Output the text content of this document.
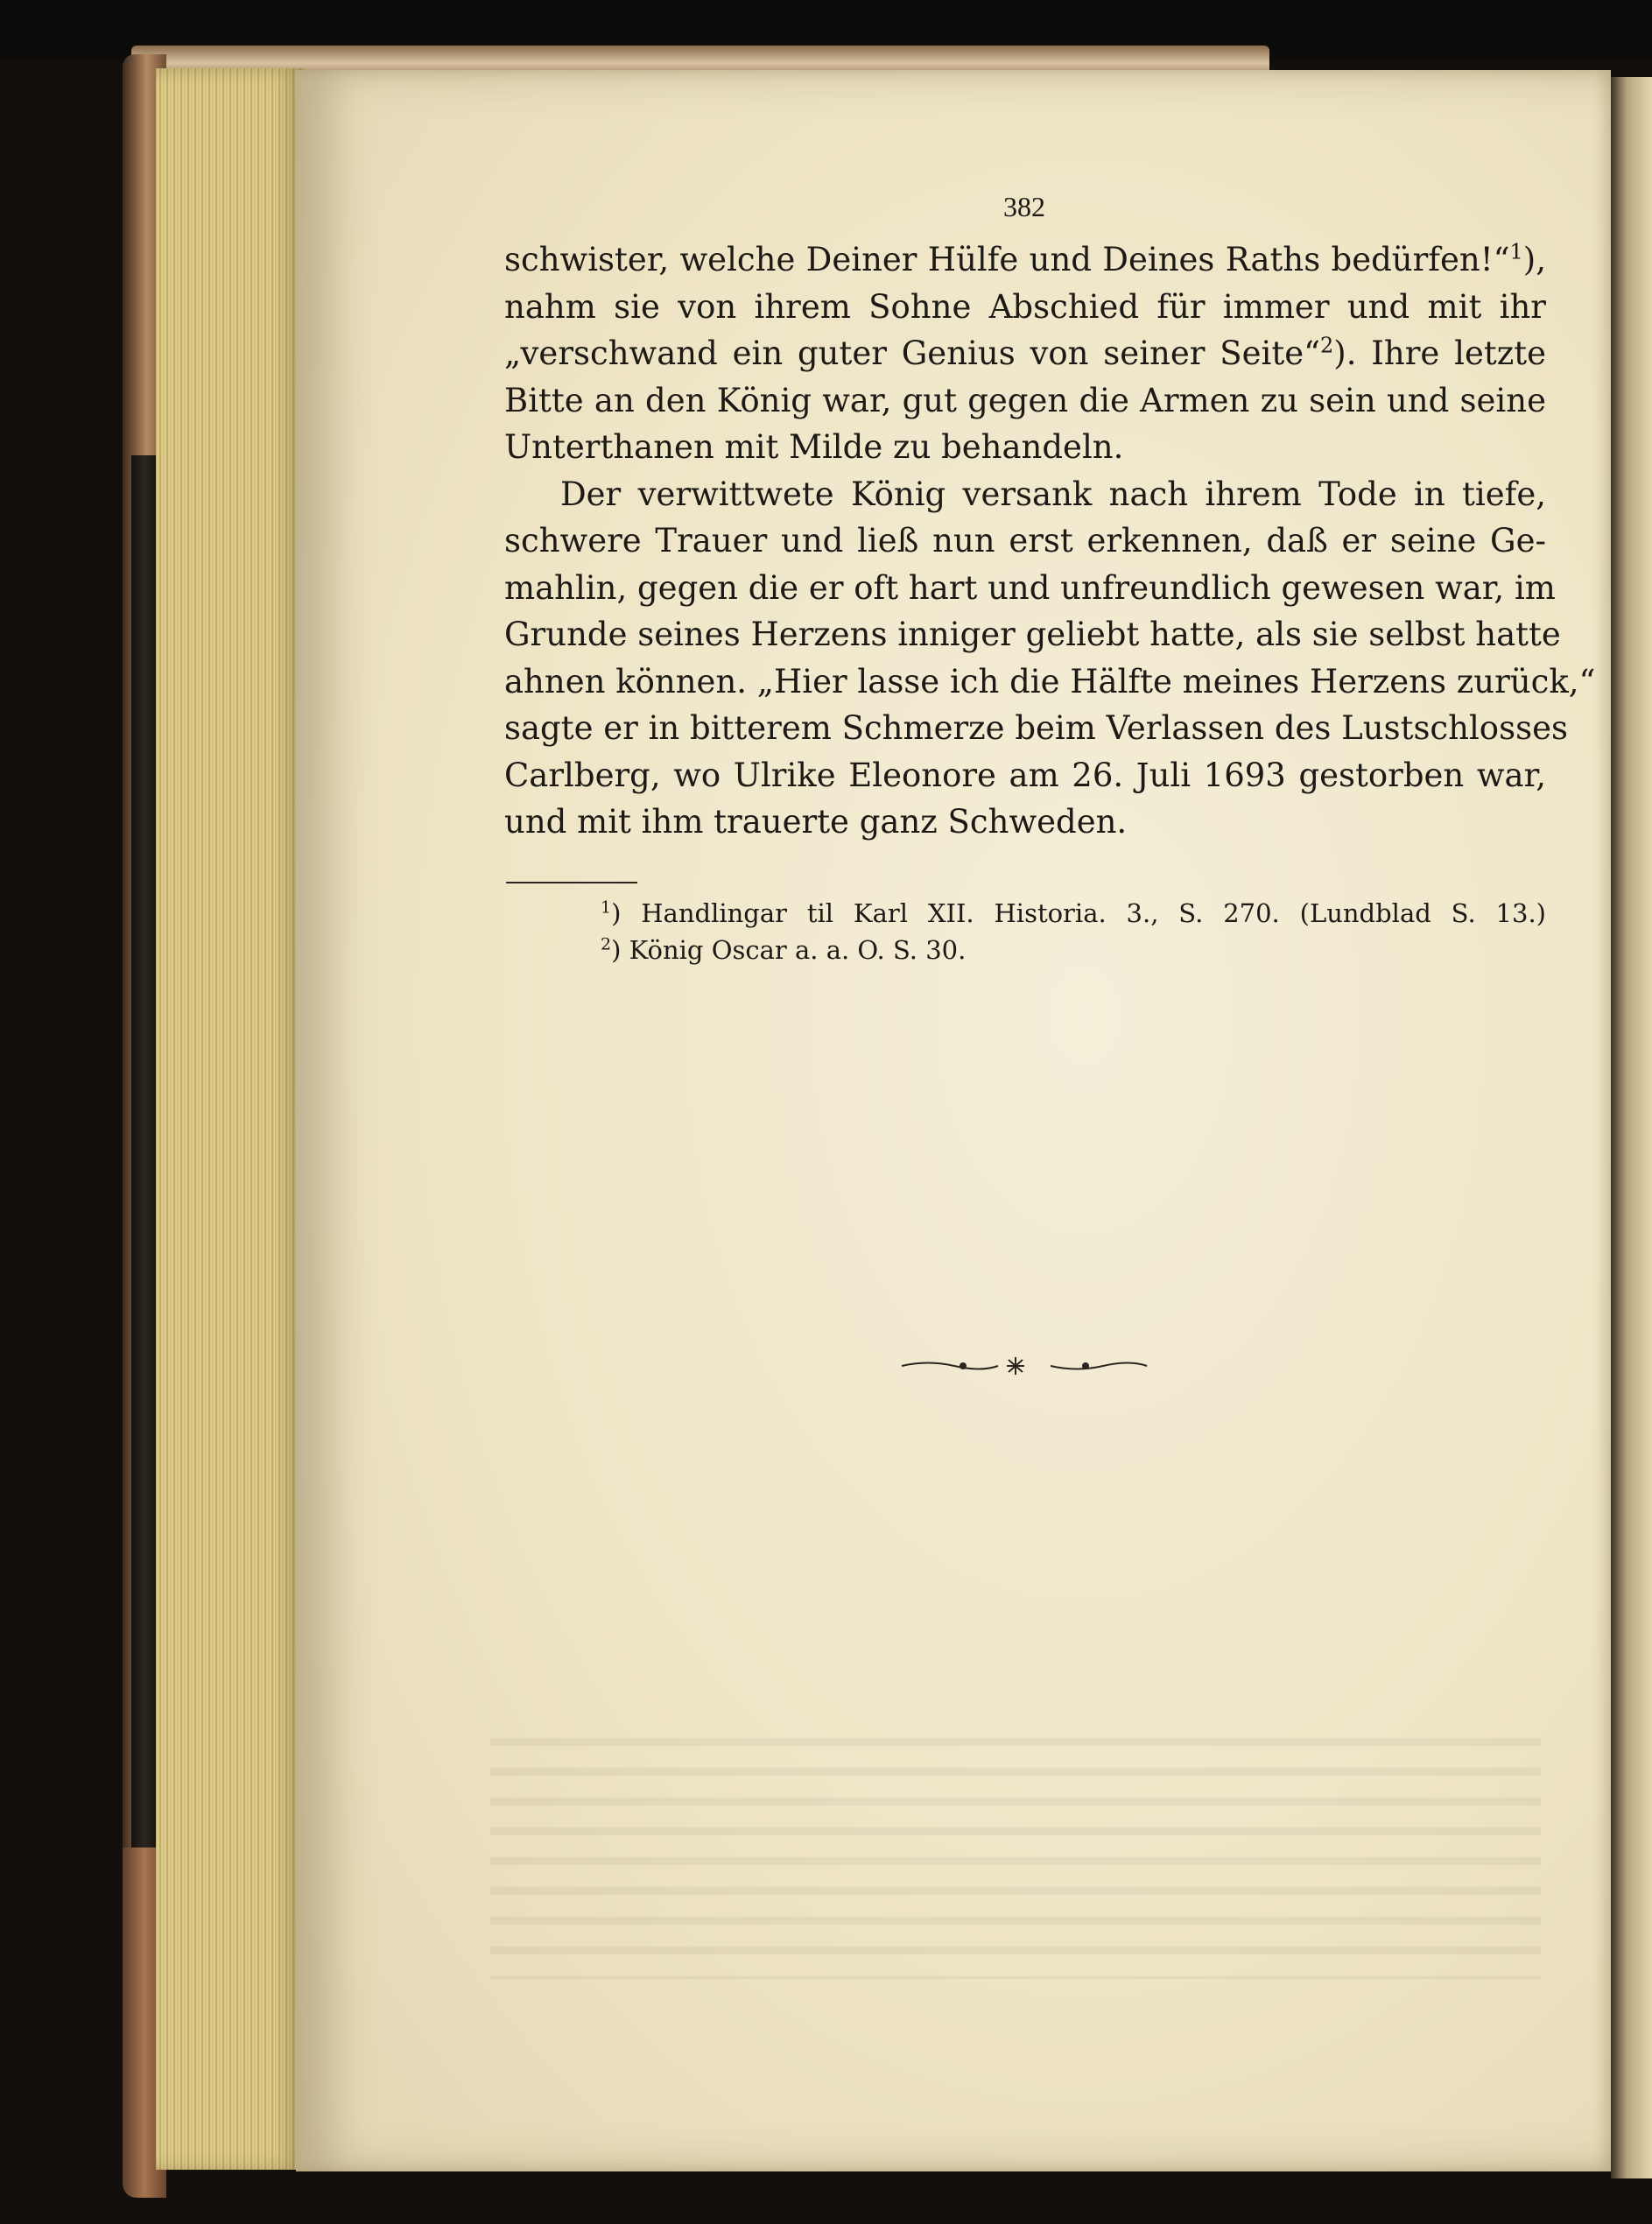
382
schwister, welche Deiner Hülfe und Deines Raths bedürfen!“$^1$),
nahm sie von ihrem Sohne Abschied für immer und mit ihr
„verschwand ein guter Genius von seiner Seite“$^2$). Ihre letzte
Bitte an den König war, gut gegen die Armen zu sein und seine
Unterthanen mit Milde zu behandeln.
Der verwittwete König versank nach ihrem Tode in tiefe,
schwere Trauer und ließ nun erst erkennen, daß er seine Ge-
mahlin, gegen die er oft hart und unfreundlich gewesen war, im
Grunde seines Herzens inniger geliebt hatte, als sie selbst hatte
ahnen können. „Hier lasse ich die Hälfte meines Herzens zurück,“
sagte er in bitterem Schmerze beim Verlassen des Lustschlosses
Carlberg, wo Ulrike Eleonore am 26. Juli 1693 gestorben war,
und mit ihm trauerte ganz Schweden.
$^1$) Handlingar til Karl XII. Historia. 3., S. 270. (Lundblad S. 13.)
$^2$) König Oscar a. a. O. S. 30.
